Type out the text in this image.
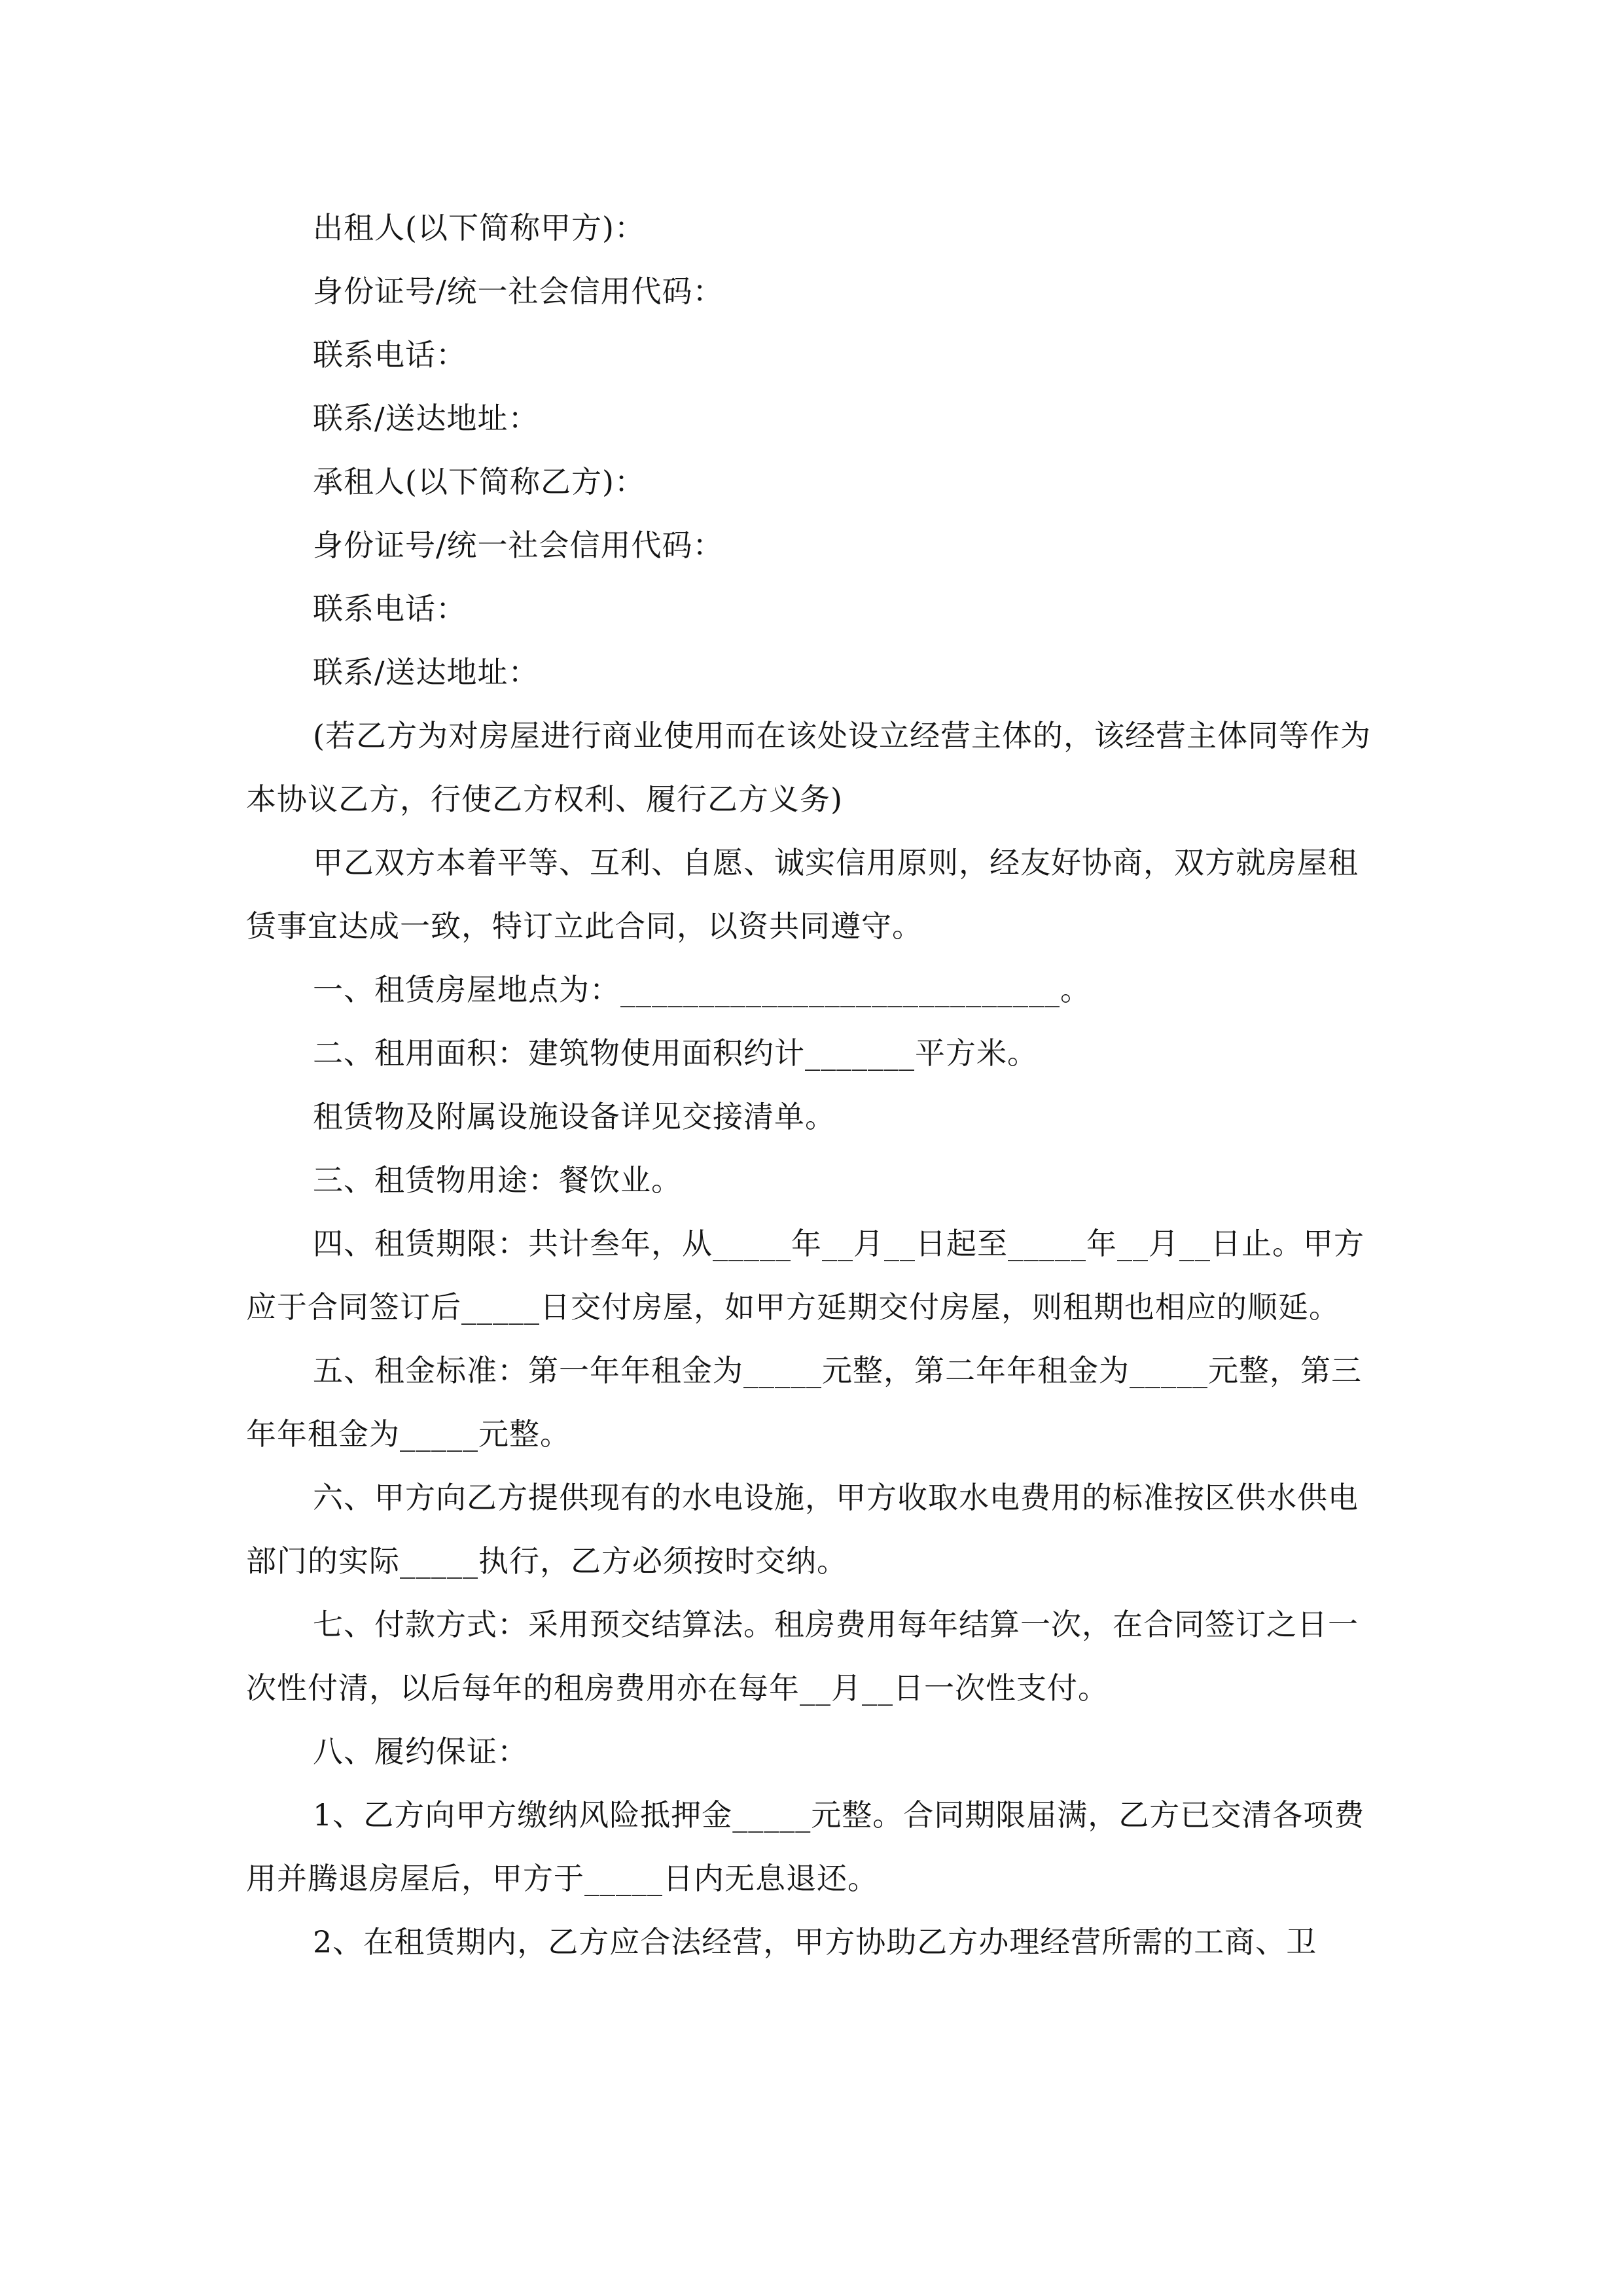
出租人(以下简称甲方)：

身份证号/统一社会信用代码：

联系电话：

联系/送达地址：

承租人(以下简称乙方)：

身份证号/统一社会信用代码：

联系电话：

联系/送达地址：

(若乙方为对房屋进行商业使用而在该处设立经营主体的，该经营主体同等作为本协议乙方，行使乙方权利、履行乙方义务)

甲乙双方本着平等、互利、自愿、诚实信用原则，经友好协商，双方就房屋租赁事宜达成一致，特订立此合同，以资共同遵守。

一、租赁房屋地点为：____________________________。

二、租用面积：建筑物使用面积约计_______平方米。

租赁物及附属设施设备详见交接清单。

三、租赁物用途：餐饮业。

四、租赁期限：共计叁年，从_____年__月__日起至_____年__月__日止。甲方应于合同签订后_____日交付房屋，如甲方延期交付房屋，则租期也相应的顺延。

五、租金标准：第一年年租金为_____元整，第二年年租金为_____元整，第三年年租金为_____元整。

六、甲方向乙方提供现有的水电设施，甲方收取水电费用的标准按区供水供电部门的实际_____执行，乙方必须按时交纳。

七、付款方式：采用预交结算法。租房费用每年结算一次，在合同签订之日一次性付清，以后每年的租房费用亦在每年__月__日一次性支付。

八、履约保证：

1、乙方向甲方缴纳风险抵押金_____元整。合同期限届满，乙方已交清各项费用并腾退房屋后，甲方于_____日内无息退还。

2、在租赁期内，乙方应合法经营，甲方协助乙方办理经营所需的工商、卫
